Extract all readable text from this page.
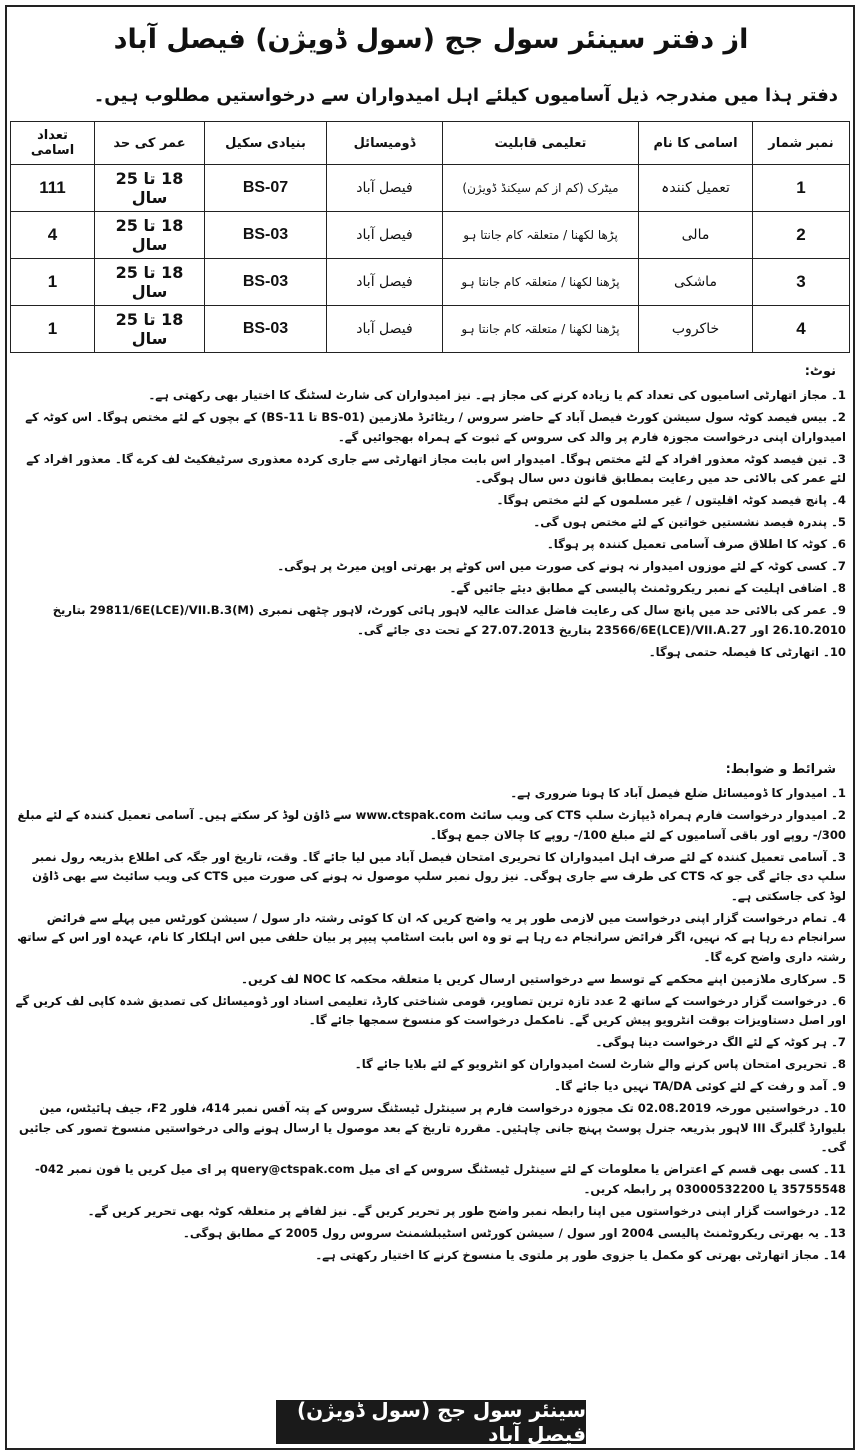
از دفتر سینئر سول جج (سول ڈویژن) فیصل آباد
دفتر ہذا میں مندرجہ ذیل آسامیوں کیلئے اہل امیدواران سے درخواستیں مطلوب ہیں۔
نمبر شمار	اسامی کا نام	تعلیمی قابلیت	ڈومیسائل	بنیادی سکیل	عمر کی حد	تعداد اسامی
1	تعمیل کنندہ	میٹرک (کم از کم سیکنڈ ڈویژن)	فیصل آباد	BS-07	18 تا 25 سال	111
2	مالی	پڑھا لکھنا / متعلقہ کام جانتا ہو	فیصل آباد	BS-03	18 تا 25 سال	4
3	ماشکی	پڑھنا لکھنا / متعلقہ کام جانتا ہو	فیصل آباد	BS-03	18 تا 25 سال	1
4	خاکروب	پڑھنا لکھنا / متعلقہ کام جانتا ہو	فیصل آباد	BS-03	18 تا 25 سال	1
نوٹ:

1۔ مجاز اتھارٹی اسامیوں کی تعداد کم یا زیادہ کرنے کی مجاز ہے۔ نیز امیدواران کی شارٹ لسٹنگ کا اختیار بھی رکھتی ہے۔

2۔ بیس فیصد کوٹہ سول سیشن کورٹ فیصل آباد کے حاضر سروس / ریٹائرڈ ملازمین (BS-01 تا BS-11) کے بچوں کے لئے مختص ہوگا۔ اس کوٹہ کے امیدواران اپنی درخواست مجوزہ فارم پر والد کی سروس کے ثبوت کے ہمراہ بھجوائیں گے۔

3۔ تین فیصد کوٹہ معذور افراد کے لئے مختص ہوگا۔ امیدوار اس بابت مجاز اتھارٹی سے جاری کردہ معذوری سرٹیفکیٹ لف کرے گا۔ معذور افراد کے لئے عمر کی بالائی حد میں رعایت بمطابق قانون دس سال ہوگی۔

4۔ پانچ فیصد کوٹہ اقلیتوں / غیر مسلموں کے لئے مختص ہوگا۔

5۔ پندرہ فیصد نشستیں خواتین کے لئے مختص ہوں گی۔

6۔ کوٹہ کا اطلاق صرف آسامی تعمیل کنندہ پر ہوگا۔

7۔ کسی کوٹہ کے لئے موزوں امیدوار نہ ہونے کی صورت میں اس کوٹے پر بھرتی اوپن میرٹ پر ہوگی۔

8۔ اضافی اہلیت کے نمبر ریکروٹمنٹ پالیسی کے مطابق دیئے جائیں گے۔

9۔ عمر کی بالائی حد میں پانچ سال کی رعایت فاضل عدالت عالیہ لاہور ہائی کورٹ، لاہور چٹھی نمبری 29811/6E(LCE)/VII.B.3(M) بتاریخ 26.10.2010 اور 23566/6E(LCE)/VII.A.27 بتاریخ 27.07.2013 کے تحت دی جائے گی۔

10۔ اتھارٹی کا فیصلہ حتمی ہوگا۔

شرائط و ضوابط:

1۔ امیدوار کا ڈومیسائل ضلع فیصل آباد کا ہونا ضروری ہے۔

2۔ امیدوار درخواست فارم ہمراہ ڈیپازٹ سلپ CTS کی ویب سائٹ www.ctspak.com سے ڈاؤن لوڈ کر سکتے ہیں۔ آسامی تعمیل کنندہ کے لئے مبلغ 300/- روپے اور باقی آسامیوں کے لئے مبلغ 100/- روپے کا چالان جمع ہوگا۔

3۔ آسامی تعمیل کنندہ کے لئے صرف اہل امیدواران کا تحریری امتحان فیصل آباد میں لیا جائے گا۔ وقت، تاریخ اور جگہ کی اطلاع بذریعہ رول نمبر سلپ دی جائے گی جو کہ CTS کی طرف سے جاری ہوگی۔ نیز رول نمبر سلپ موصول نہ ہونے کی صورت میں CTS کی ویب سائیٹ سے بھی ڈاؤن لوڈ کی جاسکتی ہے۔

4۔ تمام درخواست گزار اپنی درخواست میں لازمی طور پر یہ واضح کریں کہ ان کا کوئی رشتہ دار سول / سیشن کورٹس میں پہلے سے فرائض سرانجام دے رہا ہے کہ نہیں، اگر فرائض سرانجام دے رہا ہے تو وہ اس بابت اسٹامپ پیپر پر بیان حلفی میں اس اہلکار کا نام، عہدہ اور اس کے ساتھ رشتہ داری واضح کرے گا۔

5۔ سرکاری ملازمین اپنے محکمے کے توسط سے درخواستیں ارسال کریں یا متعلقہ محکمہ کا NOC لف کریں۔

6۔ درخواست گزار درخواست کے ساتھ 2 عدد تازہ ترین تصاویر، قومی شناختی کارڈ، تعلیمی اسناد اور ڈومیسائل کی تصدیق شدہ کاپی لف کریں گے اور اصل دستاویزات بوقت انٹرویو پیش کریں گے۔ نامکمل درخواست کو منسوخ سمجھا جائے گا۔

7۔ ہر کوٹہ کے لئے الگ درخواست دینا ہوگی۔

8۔ تحریری امتحان پاس کرنے والے شارٹ لسٹ امیدواران کو انٹرویو کے لئے بلایا جائے گا۔

9۔ آمد و رفت کے لئے کوئی TA/DA نہیں دیا جائے گا۔

10۔ درخواستیں مورخہ 02.08.2019 تک مجوزہ درخواست فارم پر سینٹرل ٹیسٹنگ سروس کے پتہ آفس نمبر 414، فلور F2، جیف ہائیٹس، مین بلیوارڈ گلبرگ III لاہور بذریعہ جنرل پوسٹ پہنچ جانی چاہئیں۔ مقررہ تاریخ کے بعد موصول یا ارسال ہونے والی درخواستیں منسوخ تصور کی جائیں گی۔

11۔ کسی بھی قسم کے اعتراض یا معلومات کے لئے سینٹرل ٹیسٹنگ سروس کے ای میل query@ctspak.com پر ای میل کریں یا فون نمبر 042-35755548 یا 03000532200 پر رابطہ کریں۔

12۔ درخواست گزار اپنی درخواستوں میں اپنا رابطہ نمبر واضح طور پر تحریر کریں گے۔ نیز لفافے پر متعلقہ کوٹہ بھی تحریر کریں گے۔

13۔ یہ بھرتی ریکروٹمنٹ پالیسی 2004 اور سول / سیشن کورٹس اسٹیبلشمنٹ سروس رول 2005 کے مطابق ہوگی۔

14۔ مجاز اتھارٹی بھرتی کو مکمل یا جزوی طور پر ملتوی یا منسوخ کرنے کا اختیار رکھتی ہے۔

سینئر سول جج (سول ڈویژن) فیصل آباد
